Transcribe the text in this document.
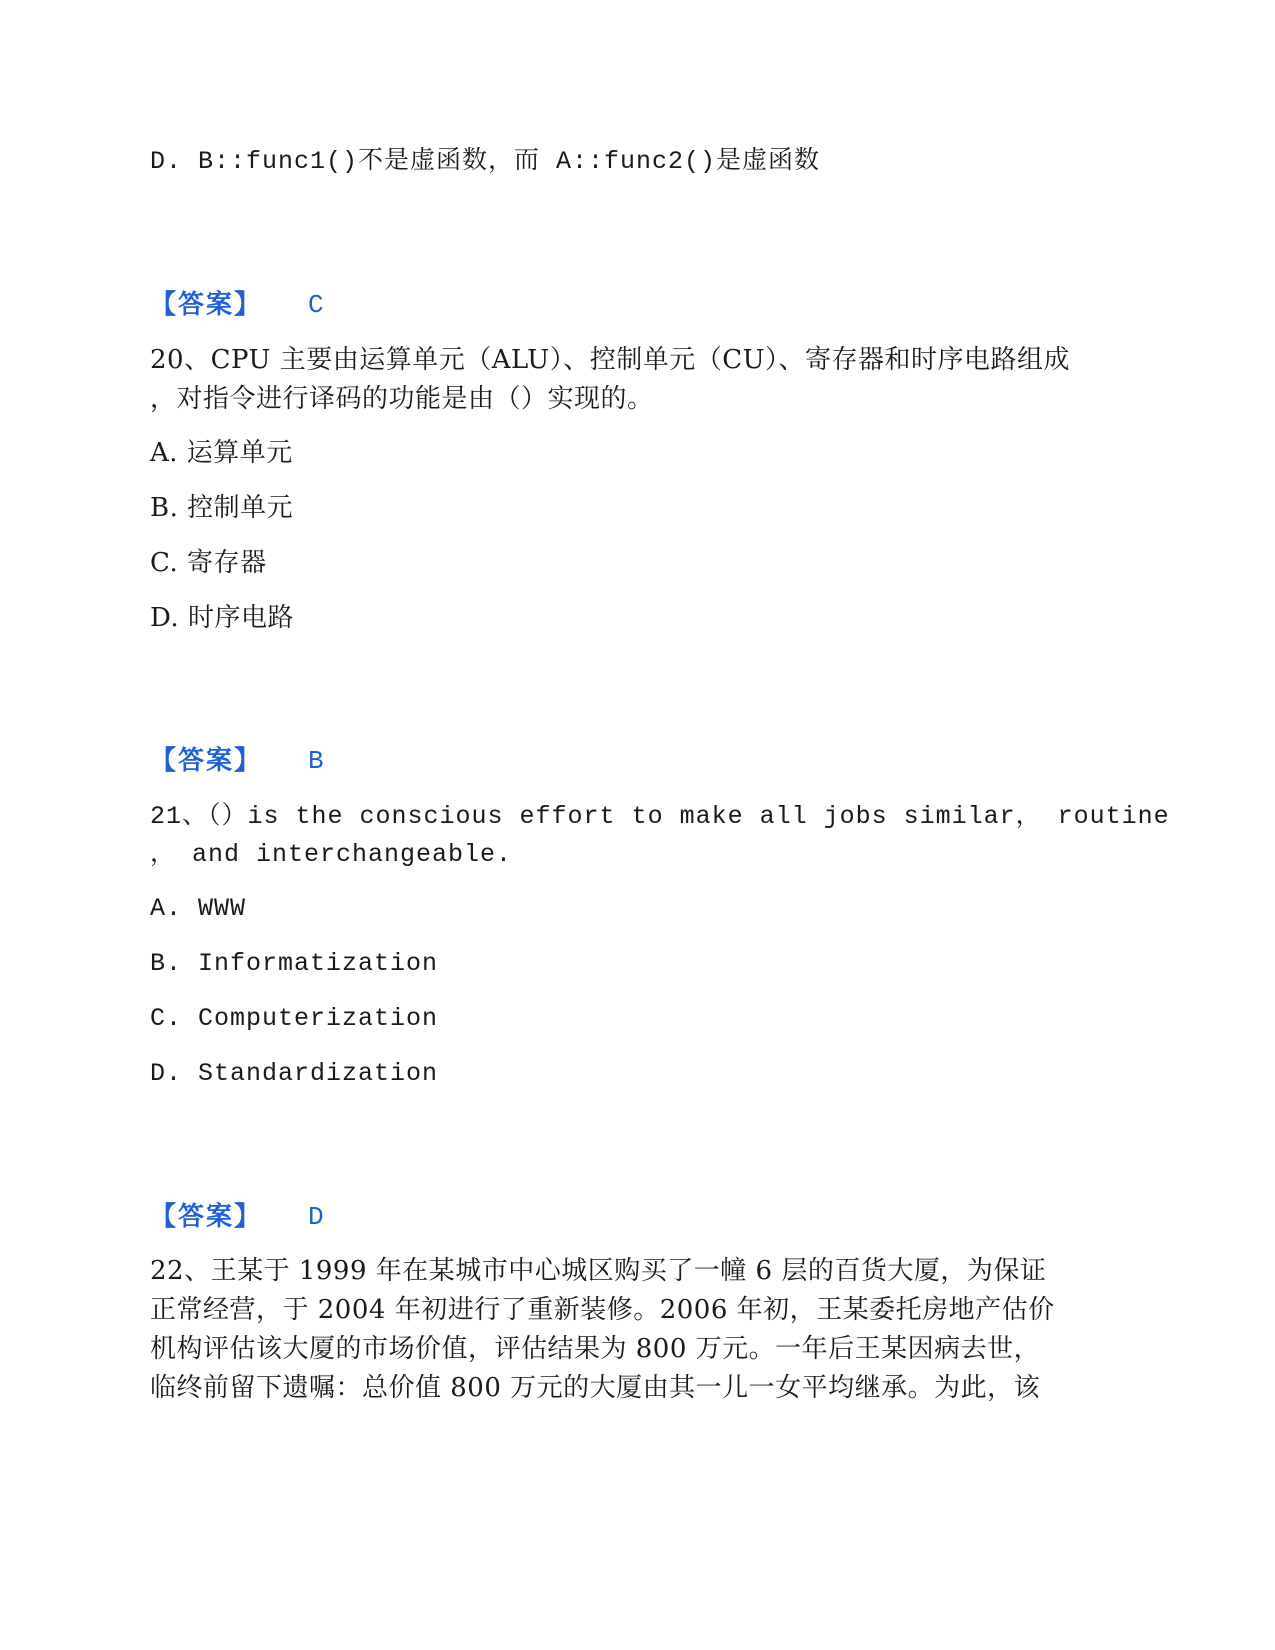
D. B::func1()不是虚函数，而 A::func2()是虚函数
【答案】 C
20、CPU 主要由运算单元（ALU）、控制单元（CU）、寄存器和时序电路组成
，对指令进行译码的功能是由（）实现的。
A. 运算单元
B. 控制单元
C. 寄存器
D. 时序电路
【答案】 B
21、（）is the conscious effort to make all jobs similar， routine
， and interchangeable.
A. WWW
B. Informatization
C. Computerization
D. Standardization
【答案】 D
22、王某于 1999 年在某城市中心城区购买了一幢 6 层的百货大厦，为保证
正常经营，于 2004 年初进行了重新装修。2006 年初，王某委托房地产估价
机构评估该大厦的市场价值，评估结果为 800 万元。一年后王某因病去世，
临终前留下遗嘱：总价值 800 万元的大厦由其一儿一女平均继承。为此，该
